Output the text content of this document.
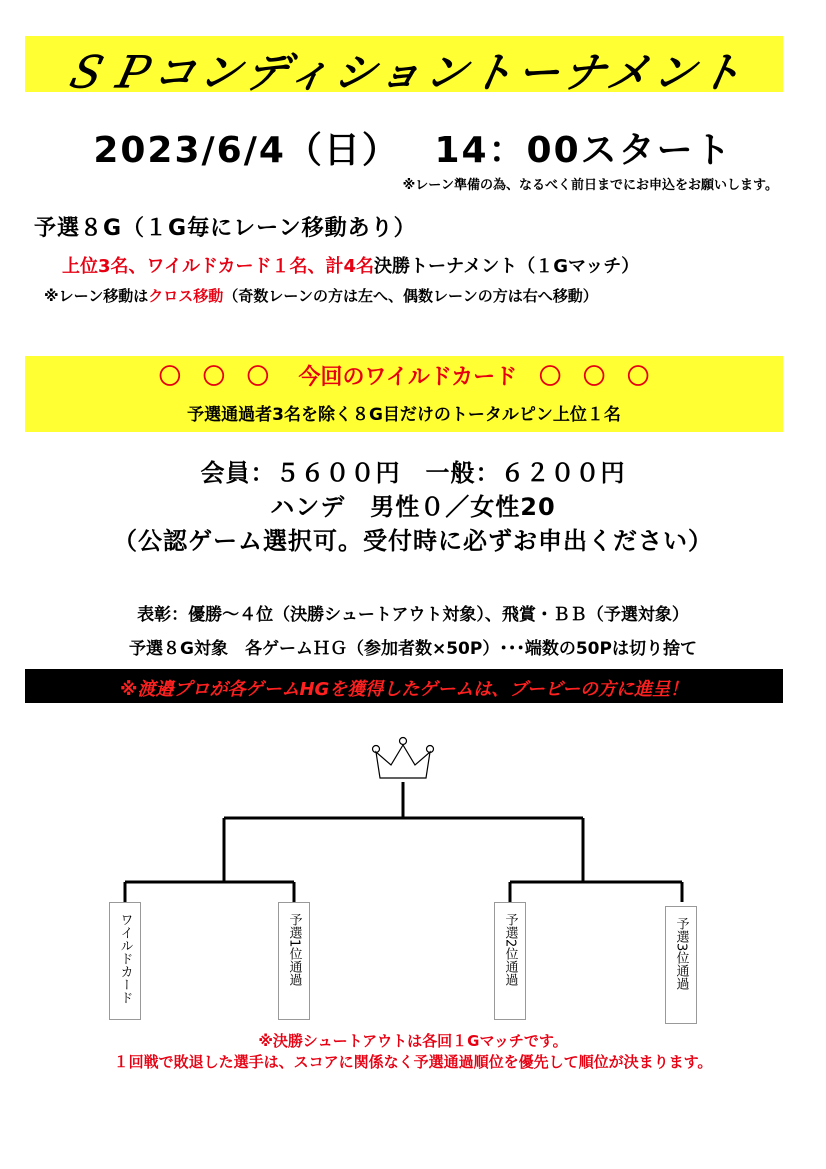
ＳＰコンディショントーナメント
2023/6/4（日）　 14：00スタート
※レーン準備の為、なるべく前日までにお申込をお願いします。
予選８G（１G毎にレーン移動あり）
上位3名、ワイルドカード１名、計4名決勝トーナメント（１Gマッチ）
※レーン移動はクロス移動（奇数レーンの方は左へ、偶数レーンの方は右へ移動）
〇　〇　〇　 今回のワイルドカード　〇　〇　〇
予選通過者3名を除く８G目だけのトータルピン上位１名
会員：５６００円　一般：６２００円
ハンデ　男性０／女性20
（公認ゲーム選択可。受付時に必ずお申出ください）
表彰：優勝～４位（決勝シュートアウト対象）、飛賞・ＢＢ（予選対象）
予選８G対象　各ゲームＨＧ（参加者数×50P）･･･端数の50Pは切り捨て
※渡邉プロが各ゲームHGを獲得したゲームは、ブービーの方に進呈！
ワイルドカード	予選1位通過	予選2位通過	予選3位通過
※決勝シュートアウトは各回１Gマッチです。
１回戦で敗退した選手は、スコアに関係なく予選通過順位を優先して順位が決まります。
